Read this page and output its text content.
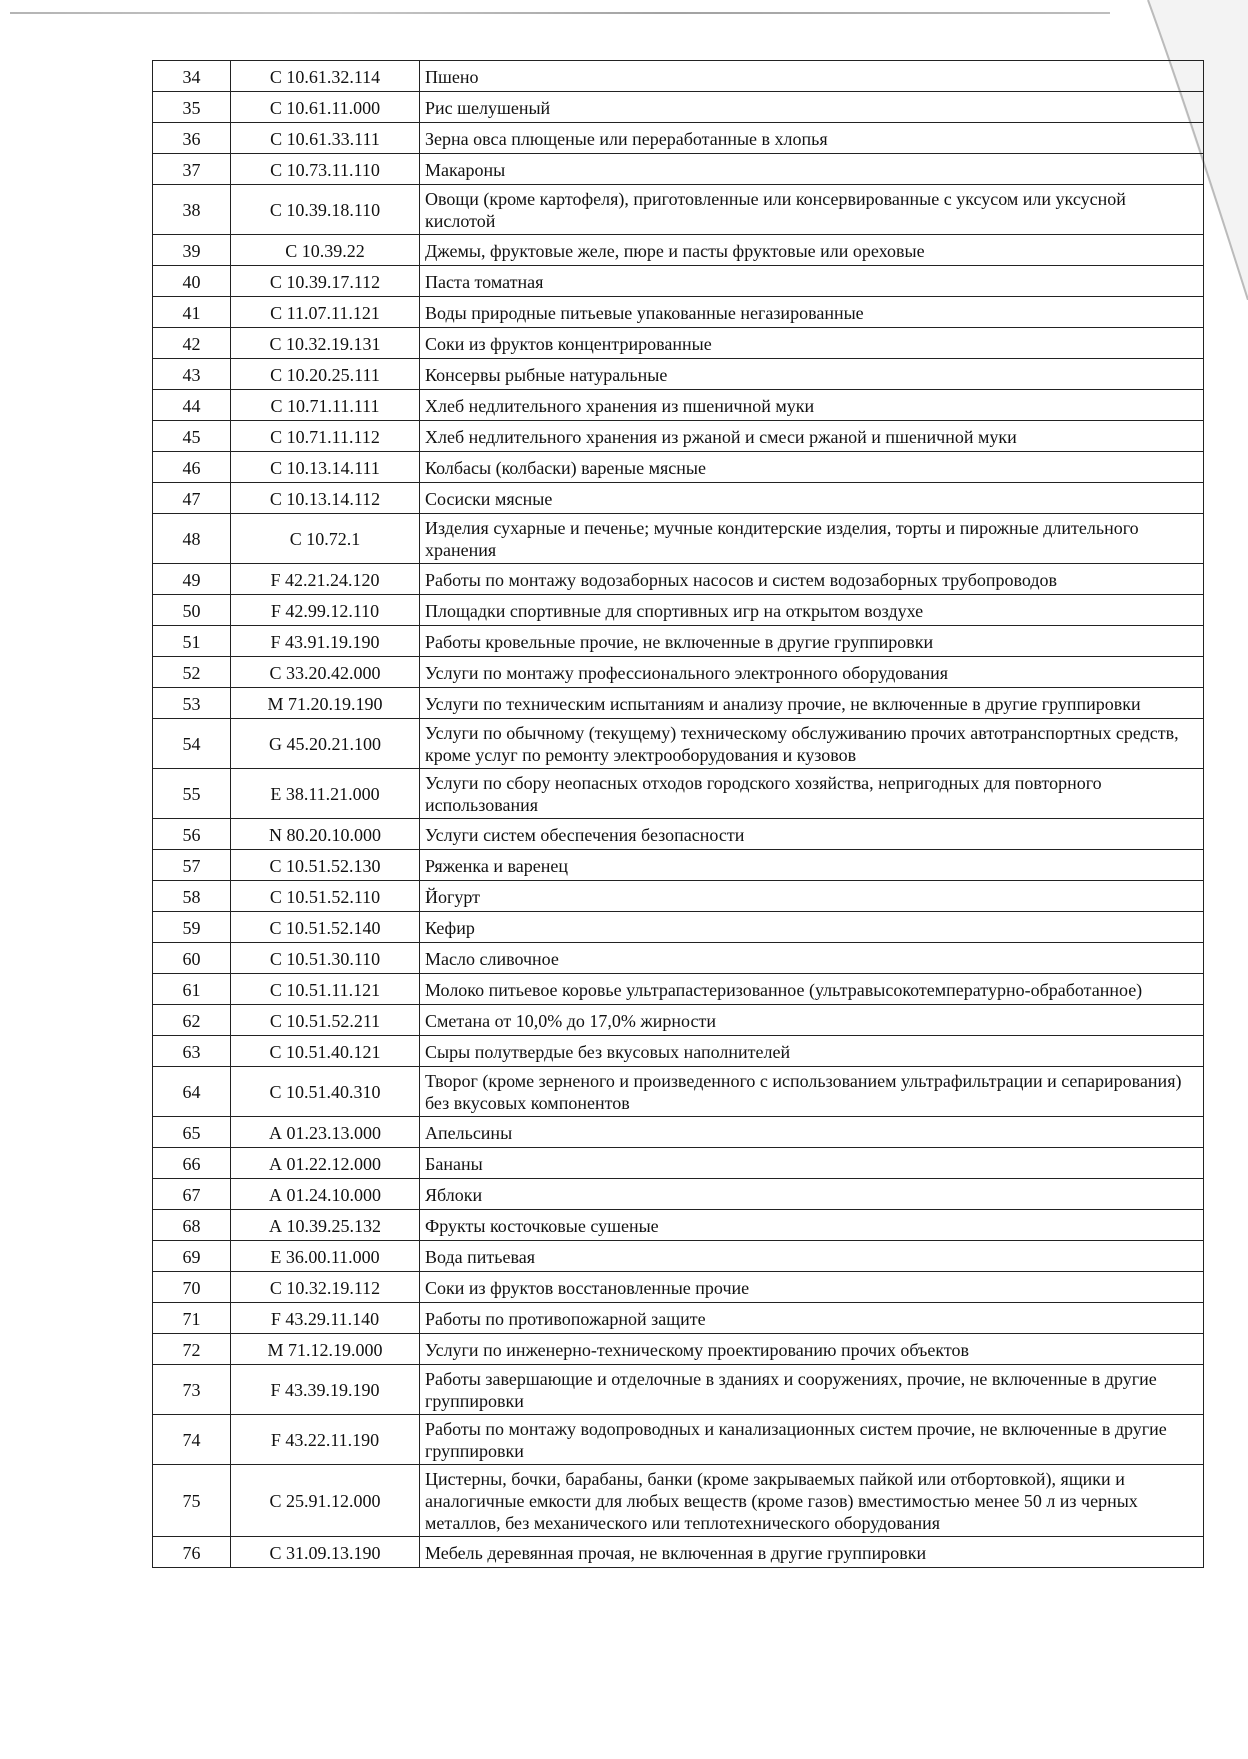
34	С 10.61.32.114	Пшено
35	С 10.61.11.000	Рис шелушеный
36	С 10.61.33.111	Зерна овса плющеные или переработанные в хлопья
37	С 10.73.11.110	Макароны
38	С 10.39.18.110	Овощи (кроме картофеля), приготовленные или консервированные с уксусом или уксусной кислотой
39	С 10.39.22	Джемы, фруктовые желе, пюре и пасты фруктовые или ореховые
40	С 10.39.17.112	Паста томатная
41	С 11.07.11.121	Воды природные питьевые упакованные негазированные
42	С 10.32.19.131	Соки из фруктов концентрированные
43	С 10.20.25.111	Консервы рыбные натуральные
44	С 10.71.11.111	Хлеб недлительного хранения из пшеничной муки
45	С 10.71.11.112	Хлеб недлительного хранения из ржаной и смеси ржаной и пшеничной муки
46	С 10.13.14.111	Колбасы (колбаски) вареные мясные
47	С 10.13.14.112	Сосиски мясные
48	С 10.72.1	Изделия сухарные и печенье; мучные кондитерские изделия, торты и пирожные длительного хранения
49	F 42.21.24.120	Работы по монтажу водозаборных насосов и систем водозаборных трубопроводов
50	F 42.99.12.110	Площадки спортивные для спортивных игр на открытом воздухе
51	F 43.91.19.190	Работы кровельные прочие, не включенные в другие группировки
52	С 33.20.42.000	Услуги по монтажу профессионального электронного оборудования
53	M 71.20.19.190	Услуги по техническим испытаниям и анализу прочие, не включенные в другие группировки
54	G 45.20.21.100	Услуги по обычному (текущему) техническому обслуживанию прочих автотранспортных средств, кроме услуг по ремонту электрооборудования и кузовов
55	E 38.11.21.000	Услуги по сбору неопасных отходов городского хозяйства, непригодных для повторного использования
56	N 80.20.10.000	Услуги систем обеспечения безопасности
57	С 10.51.52.130	Ряженка и варенец
58	С 10.51.52.110	Йогурт
59	С 10.51.52.140	Кефир
60	С 10.51.30.110	Масло сливочное
61	С 10.51.11.121	Молоко питьевое коровье ультрапастеризованное (ультравысокотемпературно-обработанное)
62	С 10.51.52.211	Сметана от 10,0% до 17,0% жирности
63	С 10.51.40.121	Сыры полутвердые без вкусовых наполнителей
64	С 10.51.40.310	Творог (кроме зерненого и произведенного с использованием ультрафильтрации и сепарирования) без вкусовых компонентов
65	А 01.23.13.000	Апельсины
66	А 01.22.12.000	Бананы
67	А 01.24.10.000	Яблоки
68	А 10.39.25.132	Фрукты косточковые сушеные
69	E 36.00.11.000	Вода питьевая
70	С 10.32.19.112	Соки из фруктов восстановленные прочие
71	F 43.29.11.140	Работы по противопожарной защите
72	M 71.12.19.000	Услуги по инженерно-техническому проектированию прочих объектов
73	F 43.39.19.190	Работы завершающие и отделочные в зданиях и сооружениях, прочие, не включенные в другие группировки
74	F 43.22.11.190	Работы по монтажу водопроводных и канализационных систем прочие, не включенные в другие группировки
75	С 25.91.12.000	Цистерны, бочки, барабаны, банки (кроме закрываемых пайкой или отбортовкой), ящики и аналогичные емкости для любых веществ (кроме газов) вместимостью менее 50 л из черных металлов, без механического или теплотехнического оборудования
76	С 31.09.13.190	Мебель деревянная прочая, не включенная в другие группировки
